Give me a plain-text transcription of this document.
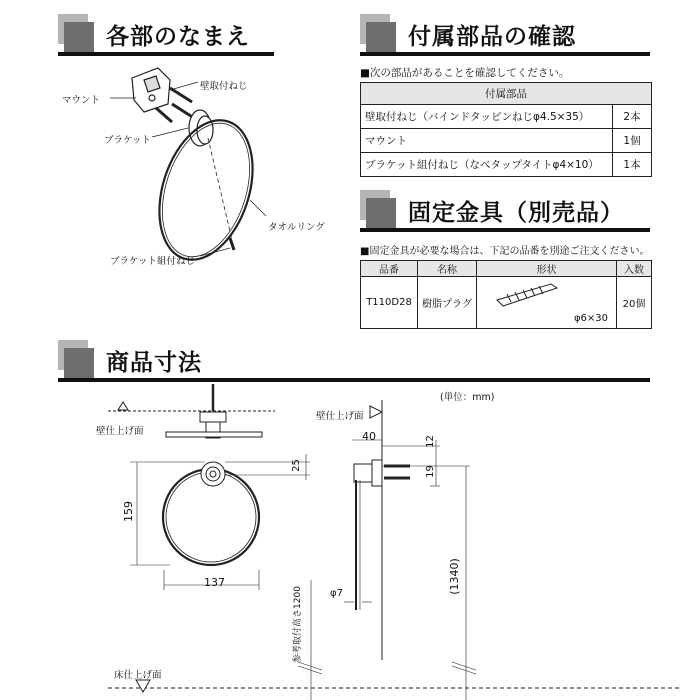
各部のなまえ
マウント
壁取付ねじ
ブラケット
タオルリング
ブラケット組付ねじ
付属部品の確認
■次の部品があることを確認してください。
付属部品	
壁取付ねじ（バインドタッピンねじφ4.5×35）	2本
マウント	1個
ブラケット組付ねじ（なべタップタイトφ4×10）	1本
固定金具（別売品）
■固定金具が必要な場合は、下記の品番を別途ご注文ください。
品番	名称	形状	入数
T110D28	樹脂プラグ	φ6×30	20個
商品寸法
(単位：mm)
壁仕上げ面
壁仕上げ面
床仕上げ面
137
159
25
40	12
19
φ7	(1340)
参考取付高さ1200
